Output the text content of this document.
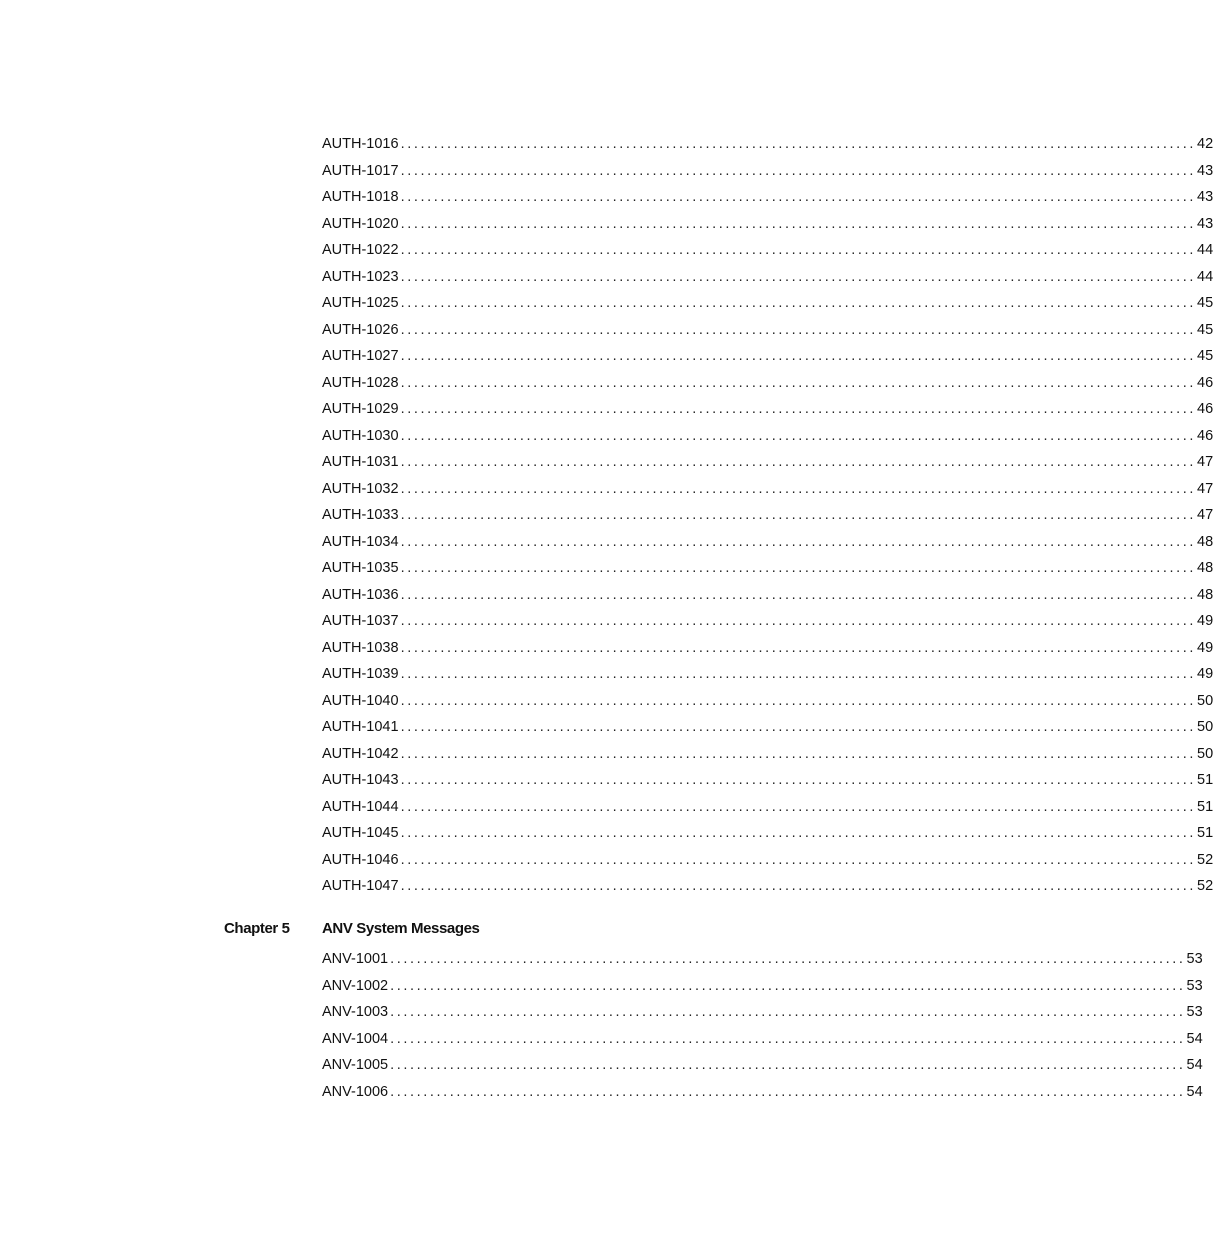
AUTH-1016 ........................................................................................................................ 42
AUTH-1017 ........................................................................................................................ 43
AUTH-1018 ........................................................................................................................ 43
AUTH-1020 ........................................................................................................................ 43
AUTH-1022 ........................................................................................................................ 44
AUTH-1023 ........................................................................................................................ 44
AUTH-1025 ........................................................................................................................ 45
AUTH-1026 ........................................................................................................................ 45
AUTH-1027 ........................................................................................................................ 45
AUTH-1028 ........................................................................................................................ 46
AUTH-1029 ........................................................................................................................ 46
AUTH-1030 ........................................................................................................................ 46
AUTH-1031 ........................................................................................................................ 47
AUTH-1032 ........................................................................................................................ 47
AUTH-1033 ........................................................................................................................ 47
AUTH-1034 ........................................................................................................................ 48
AUTH-1035 ........................................................................................................................ 48
AUTH-1036 ........................................................................................................................ 48
AUTH-1037 ........................................................................................................................ 49
AUTH-1038 ........................................................................................................................ 49
AUTH-1039 ........................................................................................................................ 49
AUTH-1040 ........................................................................................................................ 50
AUTH-1041 ........................................................................................................................ 50
AUTH-1042 ........................................................................................................................ 50
AUTH-1043 ........................................................................................................................ 51
AUTH-1044 ........................................................................................................................ 51
AUTH-1045 ........................................................................................................................ 51
AUTH-1046 ........................................................................................................................ 52
AUTH-1047 ........................................................................................................................ 52
Chapter 5 ANV System Messages
ANV-1001 ........................................................................................................................ 53
ANV-1002 ........................................................................................................................ 53
ANV-1003 ........................................................................................................................ 53
ANV-1004 ........................................................................................................................ 54
ANV-1005 ........................................................................................................................ 54
ANV-1006 ........................................................................................................................ 54
